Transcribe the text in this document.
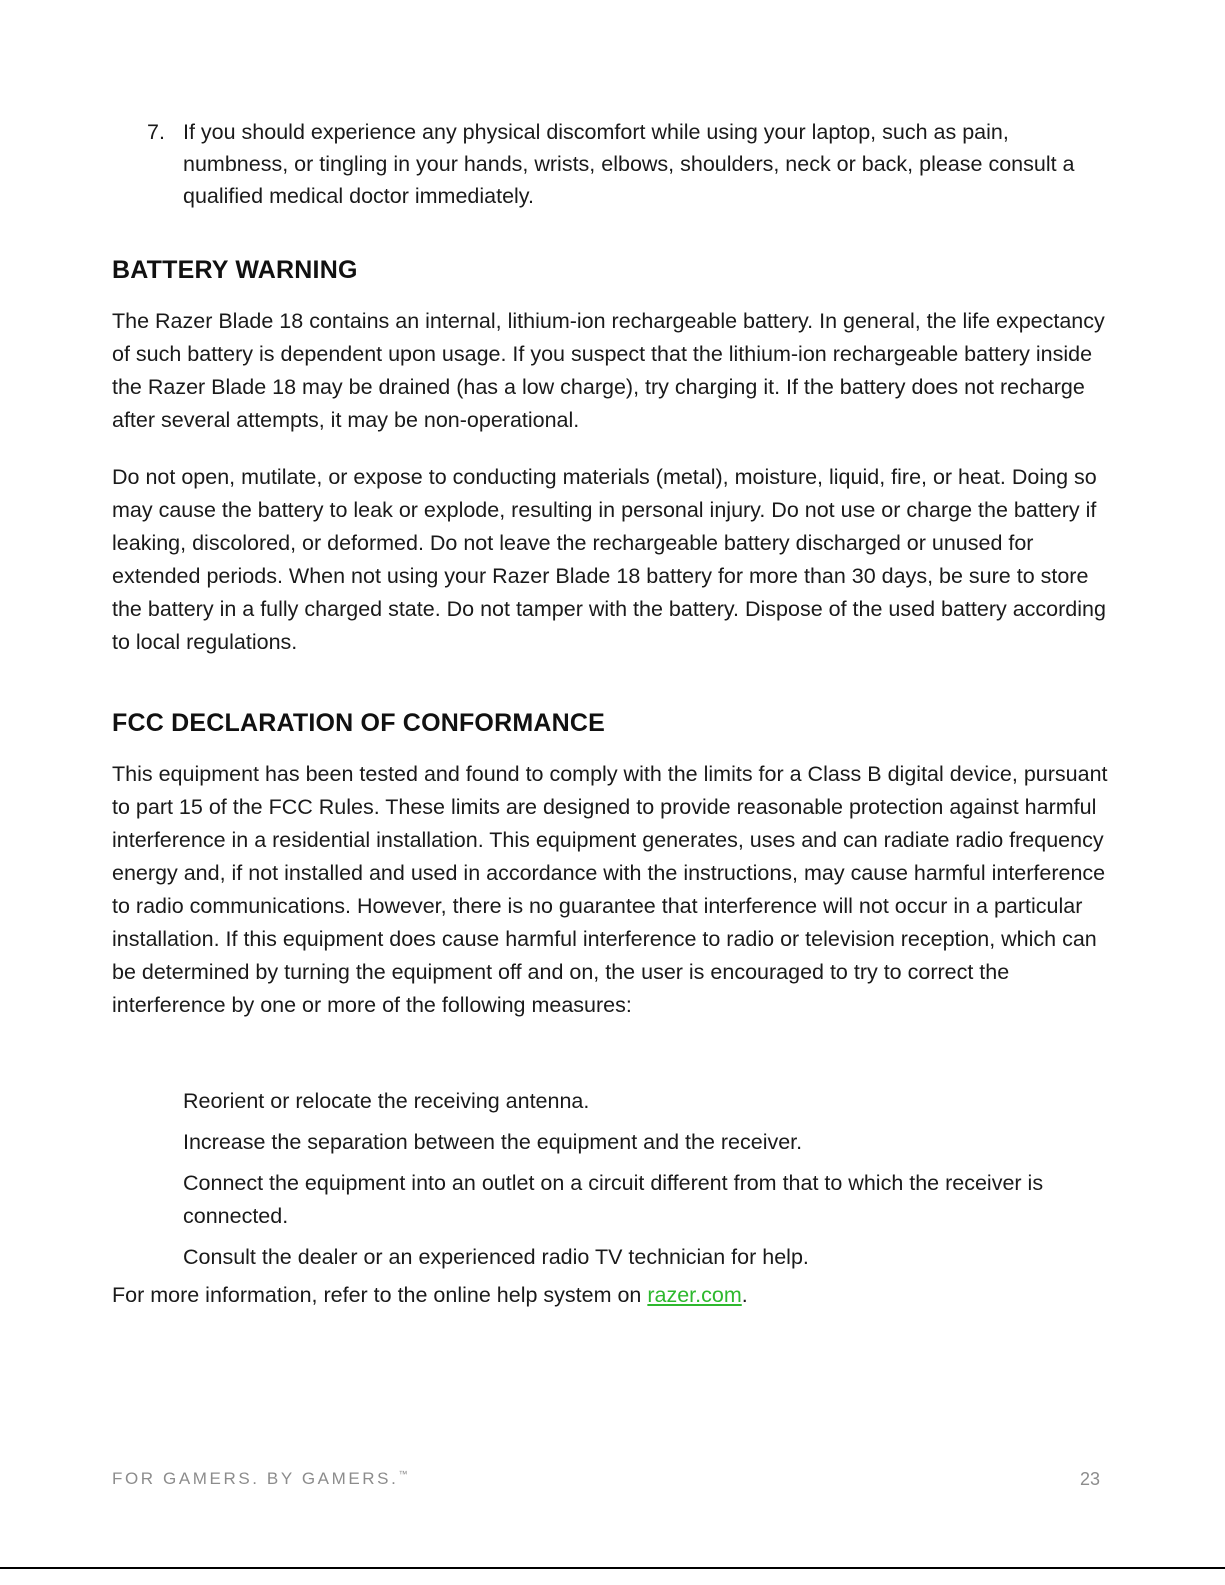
7. If you should experience any physical discomfort while using your laptop, such as pain, numbness, or tingling in your hands, wrists, elbows, shoulders, neck or back, please consult a qualified medical doctor immediately.
BATTERY WARNING
The Razer Blade 18 contains an internal, lithium-ion rechargeable battery. In general, the life expectancy of such battery is dependent upon usage. If you suspect that the lithium-ion rechargeable battery inside the Razer Blade 18 may be drained (has a low charge), try charging it. If the battery does not recharge after several attempts, it may be non-operational.
Do not open, mutilate, or expose to conducting materials (metal), moisture, liquid, fire, or heat. Doing so may cause the battery to leak or explode, resulting in personal injury. Do not use or charge the battery if leaking, discolored, or deformed. Do not leave the rechargeable battery discharged or unused for extended periods. When not using your Razer Blade 18 battery for more than 30 days, be sure to store the battery in a fully charged state. Do not tamper with the battery. Dispose of the used battery according to local regulations.
FCC DECLARATION OF CONFORMANCE
This equipment has been tested and found to comply with the limits for a Class B digital device, pursuant to part 15 of the FCC Rules. These limits are designed to provide reasonable protection against harmful interference in a residential installation. This equipment generates, uses and can radiate radio frequency energy and, if not installed and used in accordance with the instructions, may cause harmful interference to radio communications. However, there is no guarantee that interference will not occur in a particular installation. If this equipment does cause harmful interference to radio or television reception, which can be determined by turning the equipment off and on, the user is encouraged to try to correct the interference by one or more of the following measures:
Reorient or relocate the receiving antenna.
Increase the separation between the equipment and the receiver.
Connect the equipment into an outlet on a circuit different from that to which the receiver is connected.
Consult the dealer or an experienced radio TV technician for help.
For more information, refer to the online help system on razer.com.
FOR GAMERS. BY GAMERS.™	23
